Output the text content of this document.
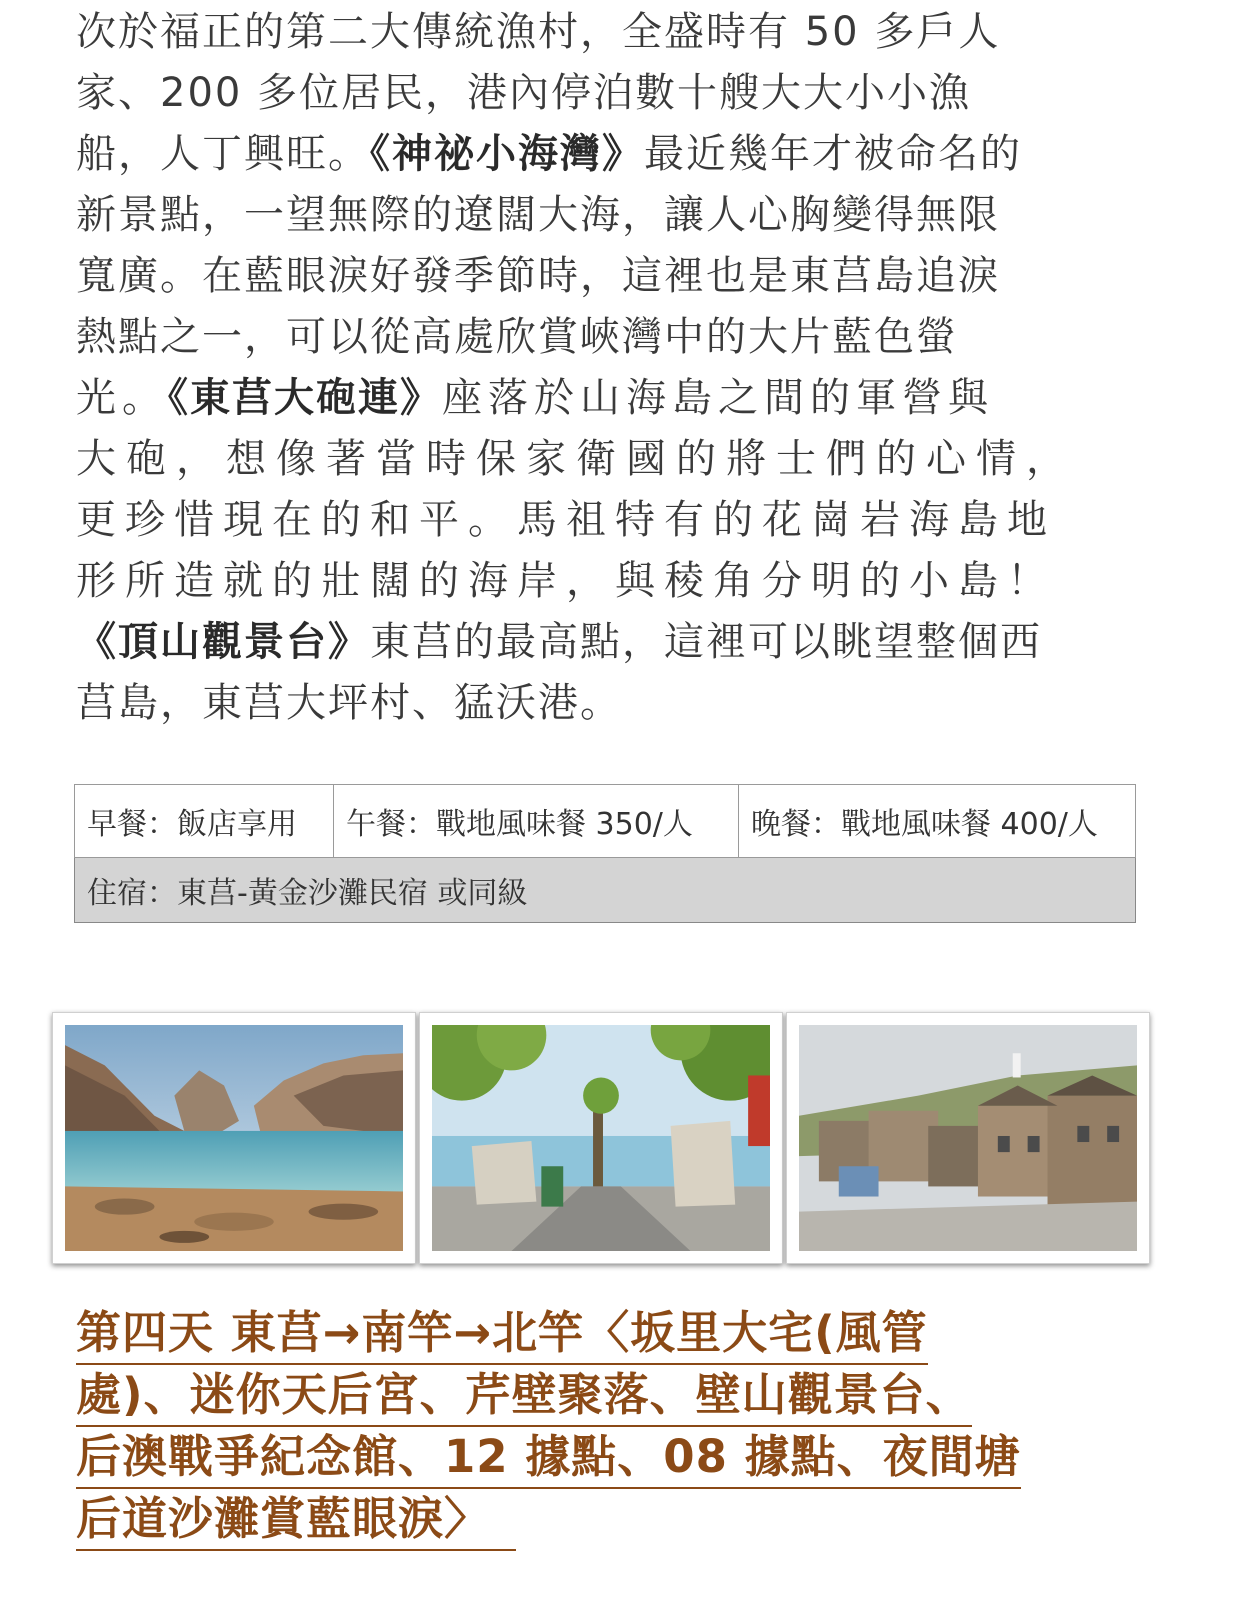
次於福正的第二大傳統漁村，全盛時有 50 多戶人
家、200 多位居民，港內停泊數十艘大大小小漁
船，人丁興旺。《神祕小海灣》最近幾年才被命名的
新景點，一望無際的遼闊大海，讓人心胸變得無限
寬廣。在藍眼淚好發季節時，這裡也是東莒島追淚
熱點之一，可以從高處欣賞峽灣中的大片藍色螢
光。《東莒大砲連》座落於山海島之間的軍營與
大砲，想像著當時保家衛國的將士們的心情，
更珍惜現在的和平。馬祖特有的花崗岩海島地
形所造就的壯闊的海岸，與稜角分明的小島！
《頂山觀景台》東莒的最高點，這裡可以眺望整個西
莒島，東莒大坪村、猛沃港。

早餐：飯店享用	午餐：戰地風味餐 350/人	晚餐：戰地風味餐 400/人
住宿：東莒-黃金沙灘民宿 或同級
第四天 東莒→南竿→北竿〈坂里大宅(風管
處)、迷你天后宮、芹壁聚落、壁山觀景台、
后澳戰爭紀念館、12 據點、08 據點、夜間塘
后道沙灘賞藍眼淚〉
